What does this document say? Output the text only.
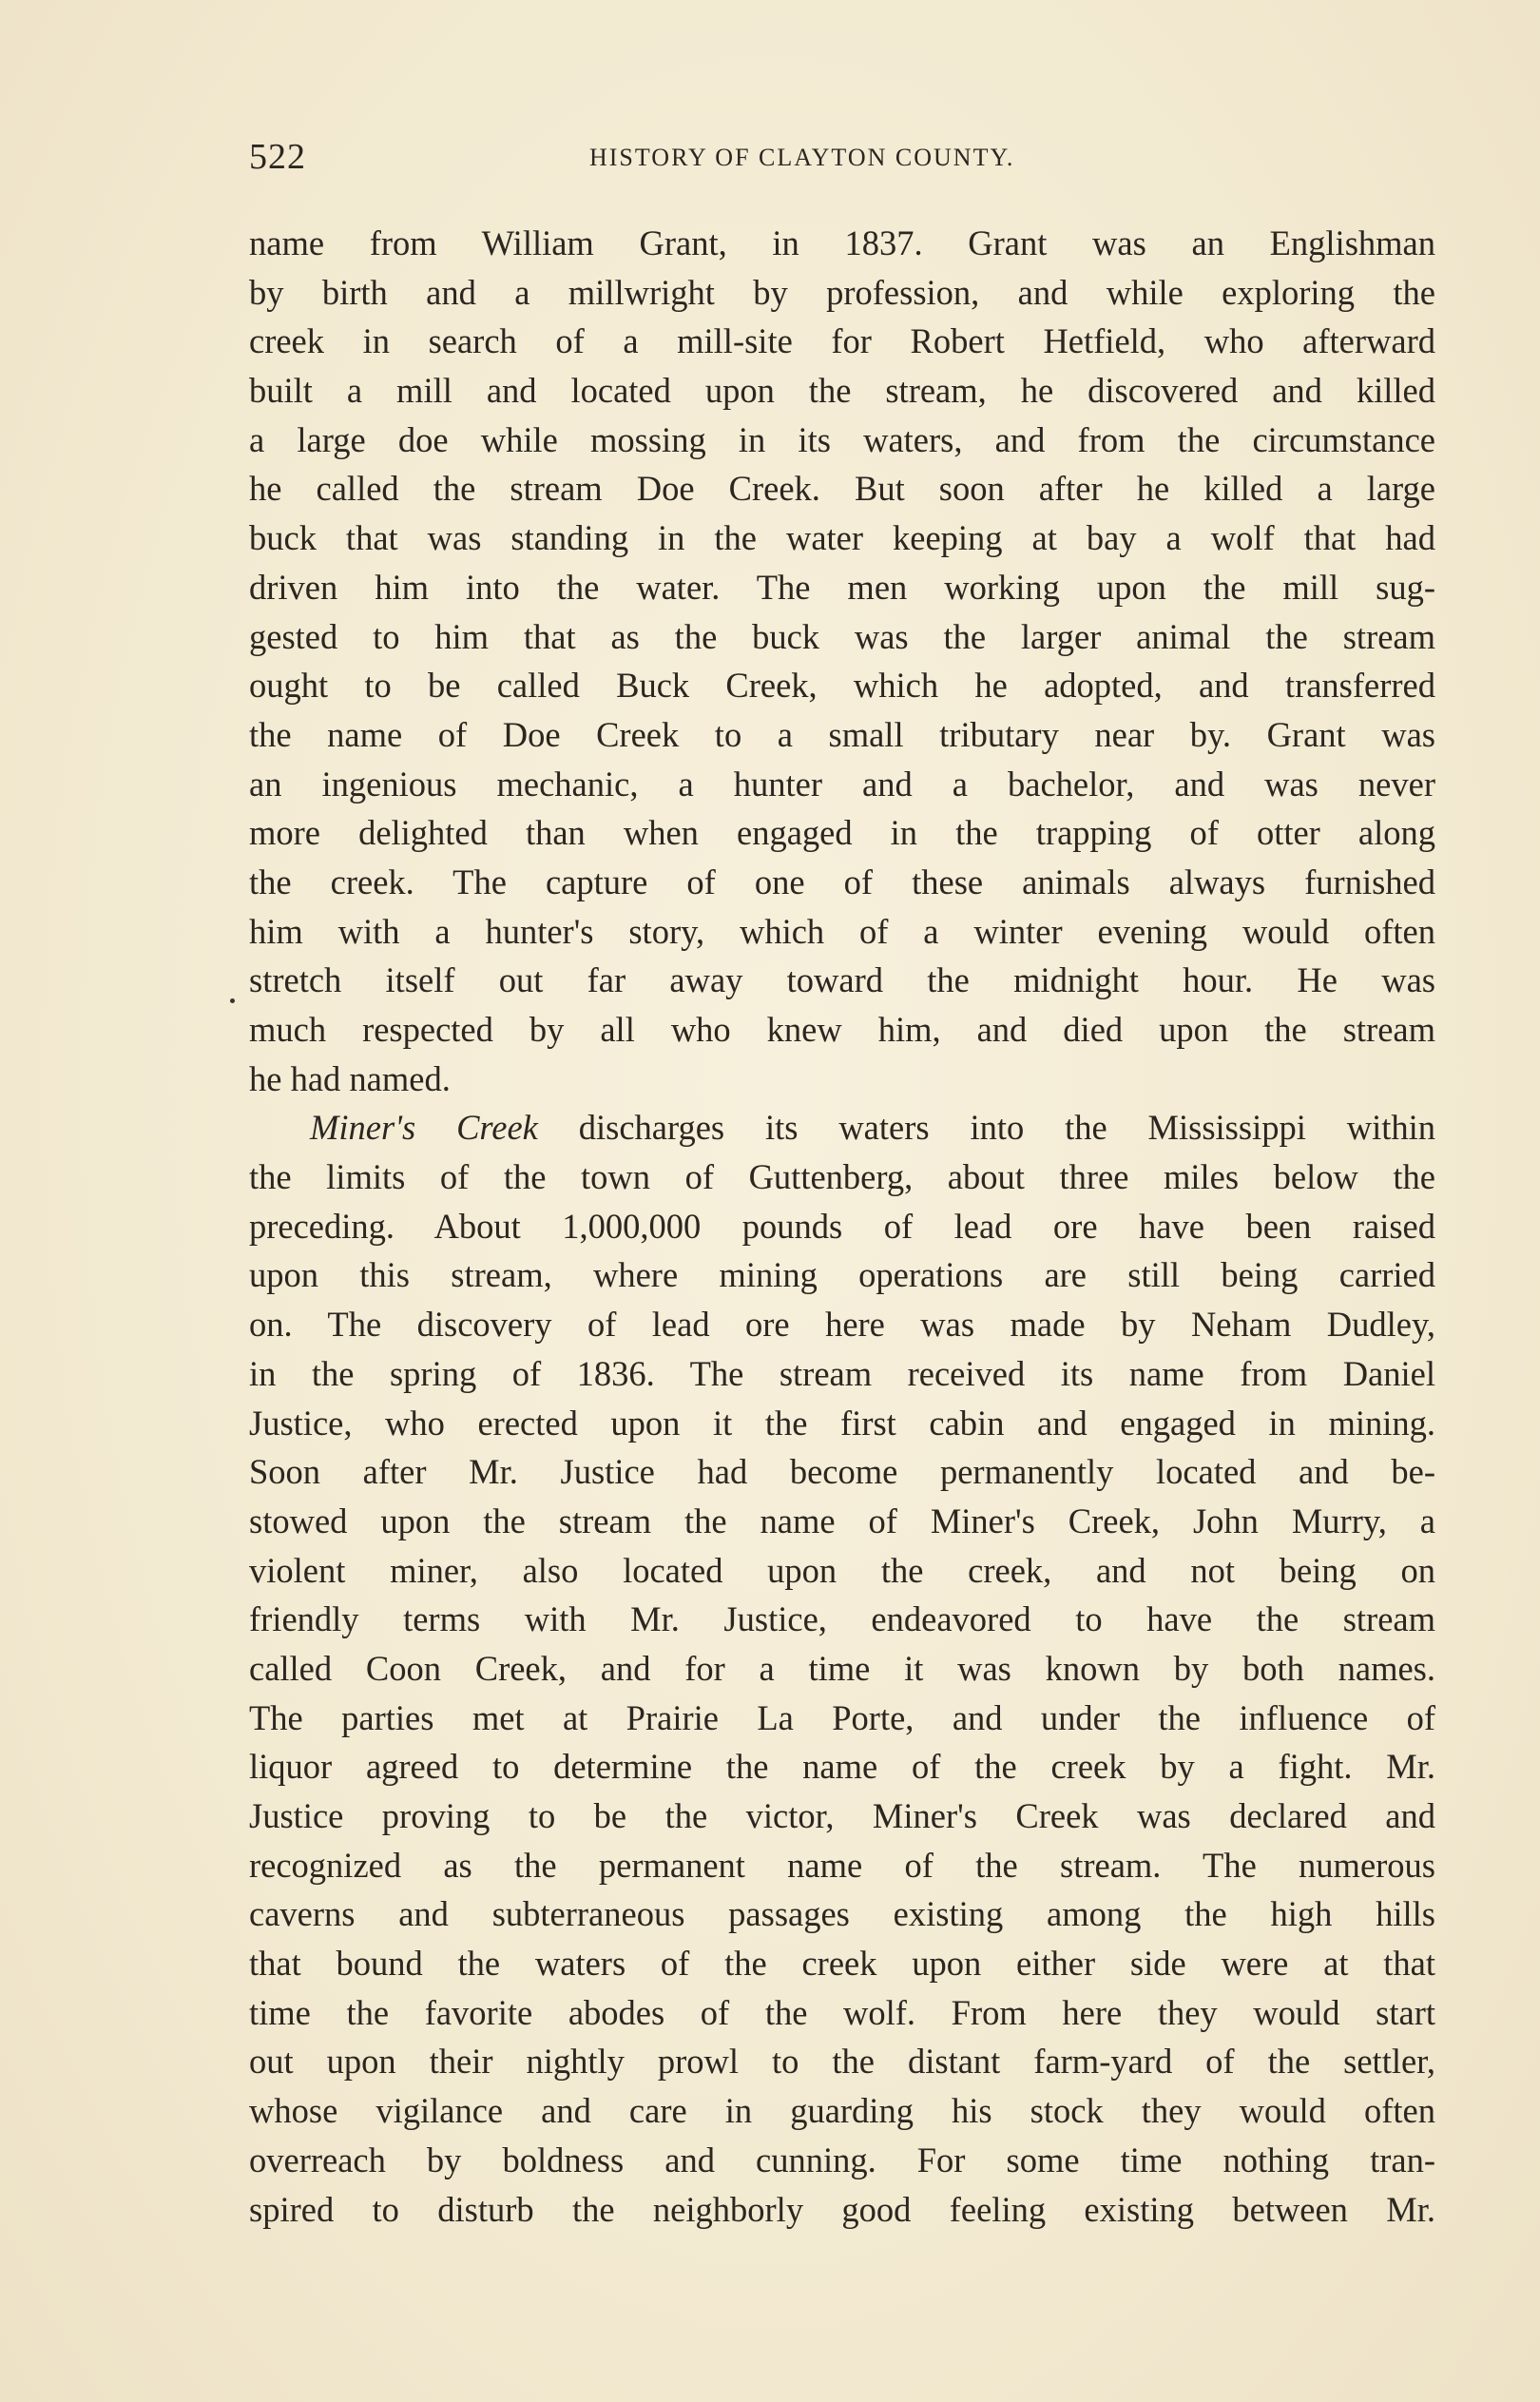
522	HISTORY OF CLAYTON COUNTY.
name from William Grant, in 1837. Grant was an Englishman
by birth and a millwright by profession, and while exploring the
creek in search of a mill-site for Robert Hetfield, who afterward
built a mill and located upon the stream, he discovered and killed
a large doe while mossing in its waters, and from the circumstance
he called the stream Doe Creek. But soon after he killed a large
buck that was standing in the water keeping at bay a wolf that had
driven him into the water. The men working upon the mill sug-
gested to him that as the buck was the larger animal the stream
ought to be called Buck Creek, which he adopted, and transferred
the name of Doe Creek to a small tributary near by. Grant was
an ingenious mechanic, a hunter and a bachelor, and was never
more delighted than when engaged in the trapping of otter along
the creek. The capture of one of these animals always furnished
him with a hunter's story, which of a winter evening would often
stretch itself out far away toward the midnight hour. He was
much respected by all who knew him, and died upon the stream
he had named.
Miner's Creek discharges its waters into the Mississippi within
the limits of the town of Guttenberg, about three miles below the
preceding. About 1,000,000 pounds of lead ore have been raised
upon this stream, where mining operations are still being carried
on. The discovery of lead ore here was made by Neham Dudley,
in the spring of 1836. The stream received its name from Daniel
Justice, who erected upon it the first cabin and engaged in mining.
Soon after Mr. Justice had become permanently located and be-
stowed upon the stream the name of Miner's Creek, John Murry, a
violent miner, also located upon the creek, and not being on
friendly terms with Mr. Justice, endeavored to have the stream
called Coon Creek, and for a time it was known by both names.
The parties met at Prairie La Porte, and under the influence of
liquor agreed to determine the name of the creek by a fight. Mr.
Justice proving to be the victor, Miner's Creek was declared and
recognized as the permanent name of the stream. The numerous
caverns and subterraneous passages existing among the high hills
that bound the waters of the creek upon either side were at that
time the favorite abodes of the wolf. From here they would start
out upon their nightly prowl to the distant farm-yard of the settler,
whose vigilance and care in guarding his stock they would often
overreach by boldness and cunning. For some time nothing tran-
spired to disturb the neighborly good feeling existing between Mr.
